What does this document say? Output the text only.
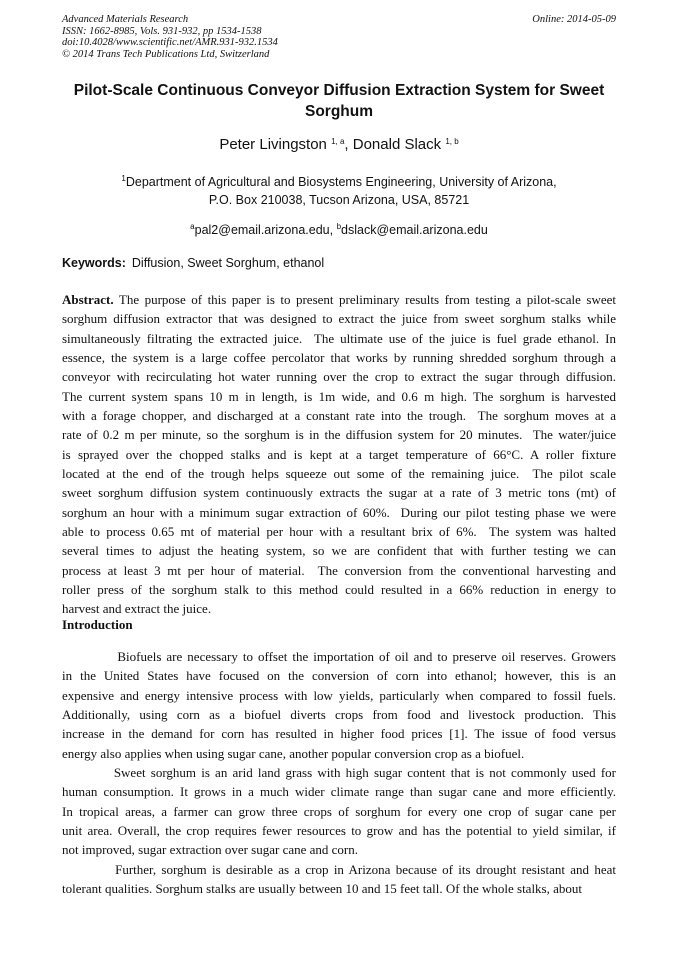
Advanced Materials Research
ISSN: 1662-8985, Vols. 931-932, pp 1534-1538
doi:10.4028/www.scientific.net/AMR.931-932.1534
© 2014 Trans Tech Publications Ltd, Switzerland
Online: 2014-05-09
Pilot-Scale Continuous Conveyor Diffusion Extraction System for Sweet
Sorghum
Peter Livingston $^{1, a}$, Donald Slack $^{1, b}$
$^1$Department of Agricultural and Biosystems Engineering, University of Arizona,
P.O. Box 210038, Tucson Arizona, USA, 85721
$^a$pal2@email.arizona.edu, $^b$dslack@email.arizona.edu
Keywords: Diffusion, Sweet Sorghum, ethanol
Abstract. The purpose of this paper is to present preliminary results from testing a pilot-scale sweet
sorghum diffusion extractor that was designed to extract the juice from sweet sorghum stalks while
simultaneously filtrating the extracted juice.  The ultimate use of the juice is fuel grade ethanol. In
essence, the system is a large coffee percolator that works by running shredded sorghum through a
conveyor with recirculating hot water running over the crop to extract the sugar through diffusion.
The current system spans 10 m in length, is 1m wide, and 0.6 m high. The sorghum is harvested
with a forage chopper, and discharged at a constant rate into the trough.  The sorghum moves at a
rate of 0.2 m per minute, so the sorghum is in the diffusion system for 20 minutes.  The water/juice
is sprayed over the chopped stalks and is kept at a target temperature of 66°C. A roller fixture
located at the end of the trough helps squeeze out some of the remaining juice.  The pilot scale
sweet sorghum diffusion system continuously extracts the sugar at a rate of 3 metric tons (mt) of
sorghum an hour with a minimum sugar extraction of 60%.  During our pilot testing phase we were
able to process 0.65 mt of material per hour with a resultant brix of 6%.  The system was halted
several times to adjust the heating system, so we are confident that with further testing we can
process at least 3 mt per hour of material.  The conversion from the conventional harvesting and
roller press of the sorghum stalk to this method could resulted in a 66% reduction in energy to
harvest and extract the juice.
Introduction
Biofuels are necessary to offset the importation of oil and to preserve oil reserves. Growers
in the United States have focused on the conversion of corn into ethanol; however, this is an
expensive and energy intensive process with low yields, particularly when compared to fossil fuels.
Additionally, using corn as a biofuel diverts crops from food and livestock production. This
increase in the demand for corn has resulted in higher food prices [1]. The issue of food versus
energy also applies when using sugar cane, another popular conversion crop as a biofuel.
Sweet sorghum is an arid land grass with high sugar content that is not commonly used for
human consumption. It grows in a much wider climate range than sugar cane and more efficiently.
In tropical areas, a farmer can grow three crops of sorghum for every one crop of sugar cane per
unit area. Overall, the crop requires fewer resources to grow and has the potential to yield similar, if
not improved, sugar extraction over sugar cane and corn.
Further, sorghum is desirable as a crop in Arizona because of its drought resistant and heat
tolerant qualities. Sorghum stalks are usually between 10 and 15 feet tall. Of the whole stalks, about
